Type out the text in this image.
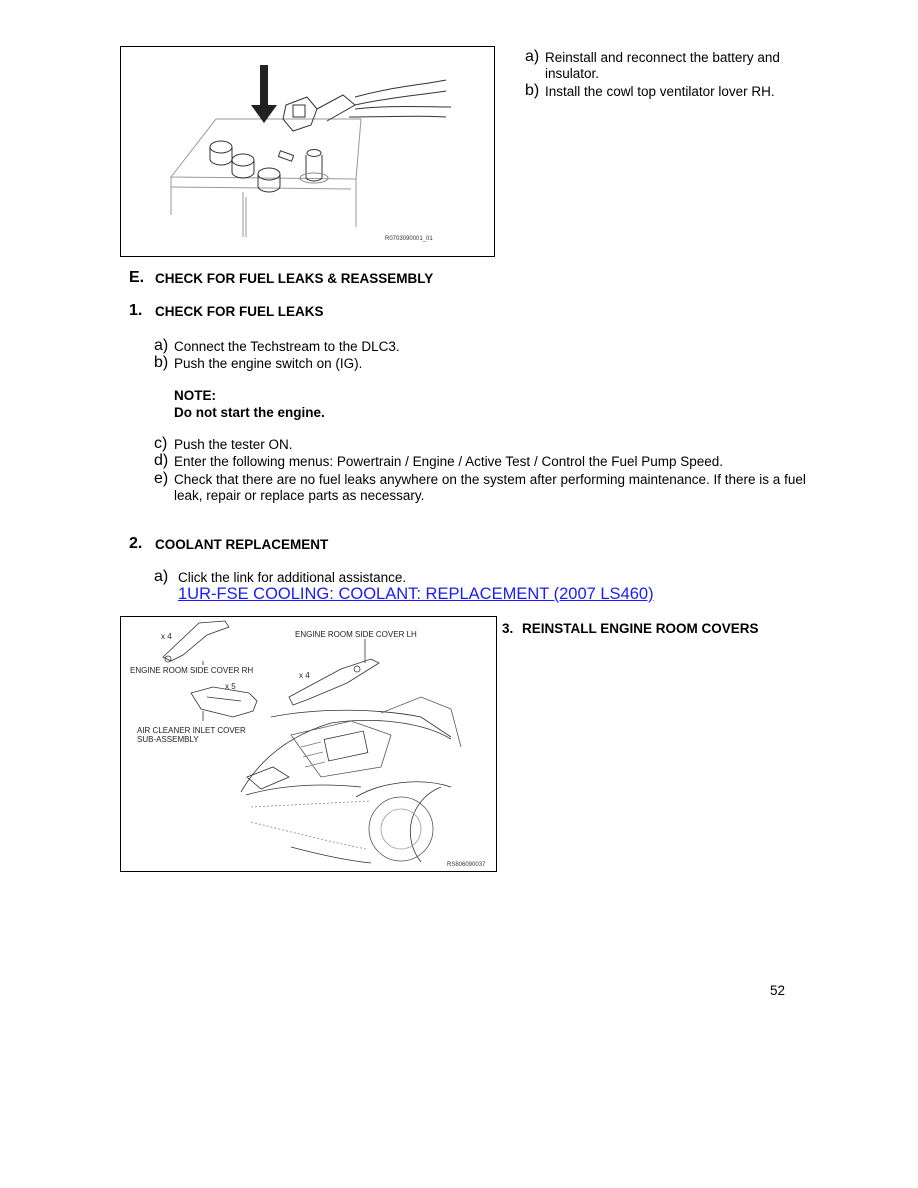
R0703090001_01
a) Reinstall and reconnect the battery and
insulator.
b) Install the cowl top ventilator lover RH.
E. CHECK FOR FUEL LEAKS & REASSEMBLY
1. CHECK FOR FUEL LEAKS
a) Connect the Techstream to the DLC3.
b) Push the engine switch on (IG).
NOTE:
Do not start the engine.
c) Push the tester ON.
d) Enter the following menus: Powertrain / Engine / Active Test / Control the Fuel Pump Speed.
e) Check that there are no fuel leaks anywhere on the system after performing maintenance. If there is a fuel
leak, repair or replace parts as necessary.
2. COOLANT REPLACEMENT
a) Click the link for additional assistance.
1UR-FSE COOLING: COOLANT: REPLACEMENT (2007 LS460)
x 4
x 4
x 5
ENGINE ROOM SIDE COVER LH
ENGINE ROOM SIDE COVER RH
AIR CLEANER INLET COVER
SUB-ASSEMBLY
RS806090037
3. REINSTALL ENGINE ROOM COVERS
52
